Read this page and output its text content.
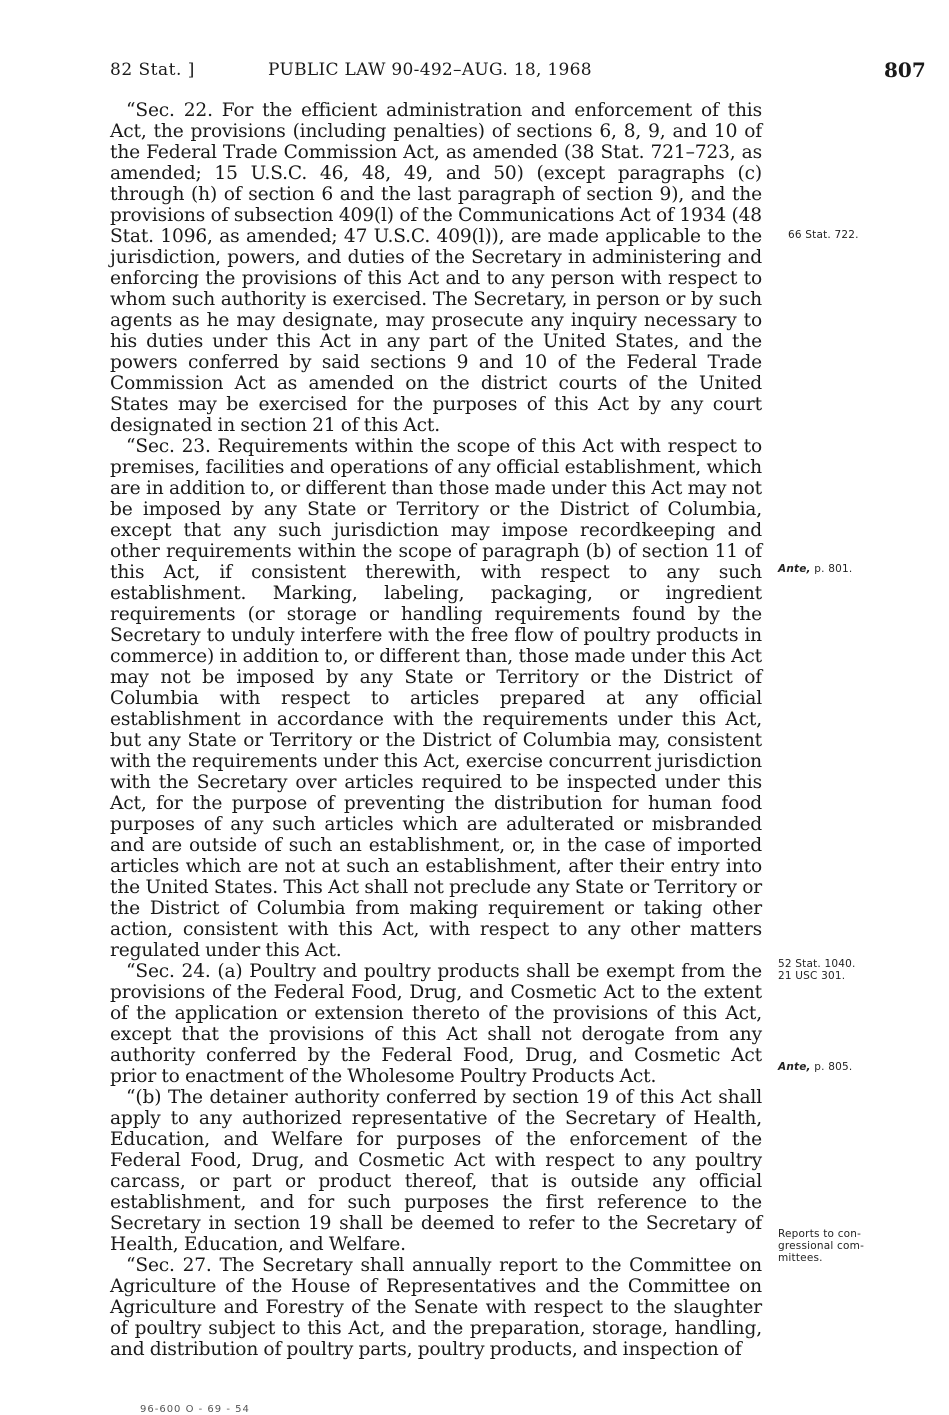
82 Stat. ]	PUBLIC LAW 90-492–AUG. 18, 1968	807

“Sec. 22. For the efficient administration and enforcement of this Act, the provisions (including penalties) of sections 6, 8, 9, and 10 of the Federal Trade Commission Act, as amended (38 Stat. 721–723, as amended; 15 U.S.C. 46, 48, 49, and 50) (except paragraphs (c) through (h) of section 6 and the last paragraph of section 9), and the provisions of subsection 409(l) of the Communications Act of 1934 (48 Stat. 1096, as amended; 47 U.S.C. 409(l)), are made applicable to the jurisdiction, powers, and duties of the Secretary in administering and enforcing the provisions of this Act and to any person with respect to whom such authority is exercised. The Secretary, in person or by such agents as he may designate, may prosecute any inquiry necessary to his duties under this Act in any part of the United States, and the powers conferred by said sections 9 and 10 of the Federal Trade Commission Act as amended on the district courts of the United States may be exercised for the purposes of this Act by any court designated in section 21 of this Act.

“Sec. 23. Requirements within the scope of this Act with respect to premises, facilities and operations of any official establishment, which are in addition to, or different than those made under this Act may not be imposed by any State or Territory or the District of Columbia, except that any such jurisdiction may impose recordkeeping and other requirements within the scope of paragraph (b) of section 11 of this Act, if consistent therewith, with respect to any such establishment. Marking, labeling, packaging, or ingredient requirements (or storage or handling requirements found by the Secretary to unduly interfere with the free flow of poultry products in commerce) in addition to, or different than, those made under this Act may not be imposed by any State or Territory or the District of Columbia with respect to articles prepared at any official establishment in accordance with the requirements under this Act, but any State or Territory or the District of Columbia may, consistent with the requirements under this Act, exercise concurrent jurisdiction with the Secretary over articles required to be inspected under this Act, for the purpose of preventing the distribution for human food purposes of any such articles which are adulterated or misbranded and are outside of such an establishment, or, in the case of imported articles which are not at such an establishment, after their entry into the United States. This Act shall not preclude any State or Territory or the District of Columbia from making requirement or taking other action, consistent with this Act, with respect to any other matters regulated under this Act.

“Sec. 24. (a) Poultry and poultry products shall be exempt from the provisions of the Federal Food, Drug, and Cosmetic Act to the extent of the application or extension thereto of the provisions of this Act, except that the provisions of this Act shall not derogate from any authority conferred by the Federal Food, Drug, and Cosmetic Act prior to enactment of the Wholesome Poultry Products Act.

“(b) The detainer authority conferred by section 19 of this Act shall apply to any authorized representative of the Secretary of Health, Education, and Welfare for purposes of the enforcement of the Federal Food, Drug, and Cosmetic Act with respect to any poultry carcass, or part or product thereof, that is outside any official establishment, and for such purposes the first reference to the Secretary in section 19 shall be deemed to refer to the Secretary of Health, Education, and Welfare.

“Sec. 27. The Secretary shall annually report to the Committee on Agriculture of the House of Representatives and the Committee on Agriculture and Forestry of the Senate with respect to the slaughter of poultry subject to this Act, and the preparation, storage, handling, and distribution of poultry parts, poultry products, and inspection of

66 Stat. 722.
Ante, p. 801.
52 Stat. 1040.
21 USC 301.
Ante, p. 805.
Reports to con-
gressional com-
mittees.
96-600 O - 69 - 54
